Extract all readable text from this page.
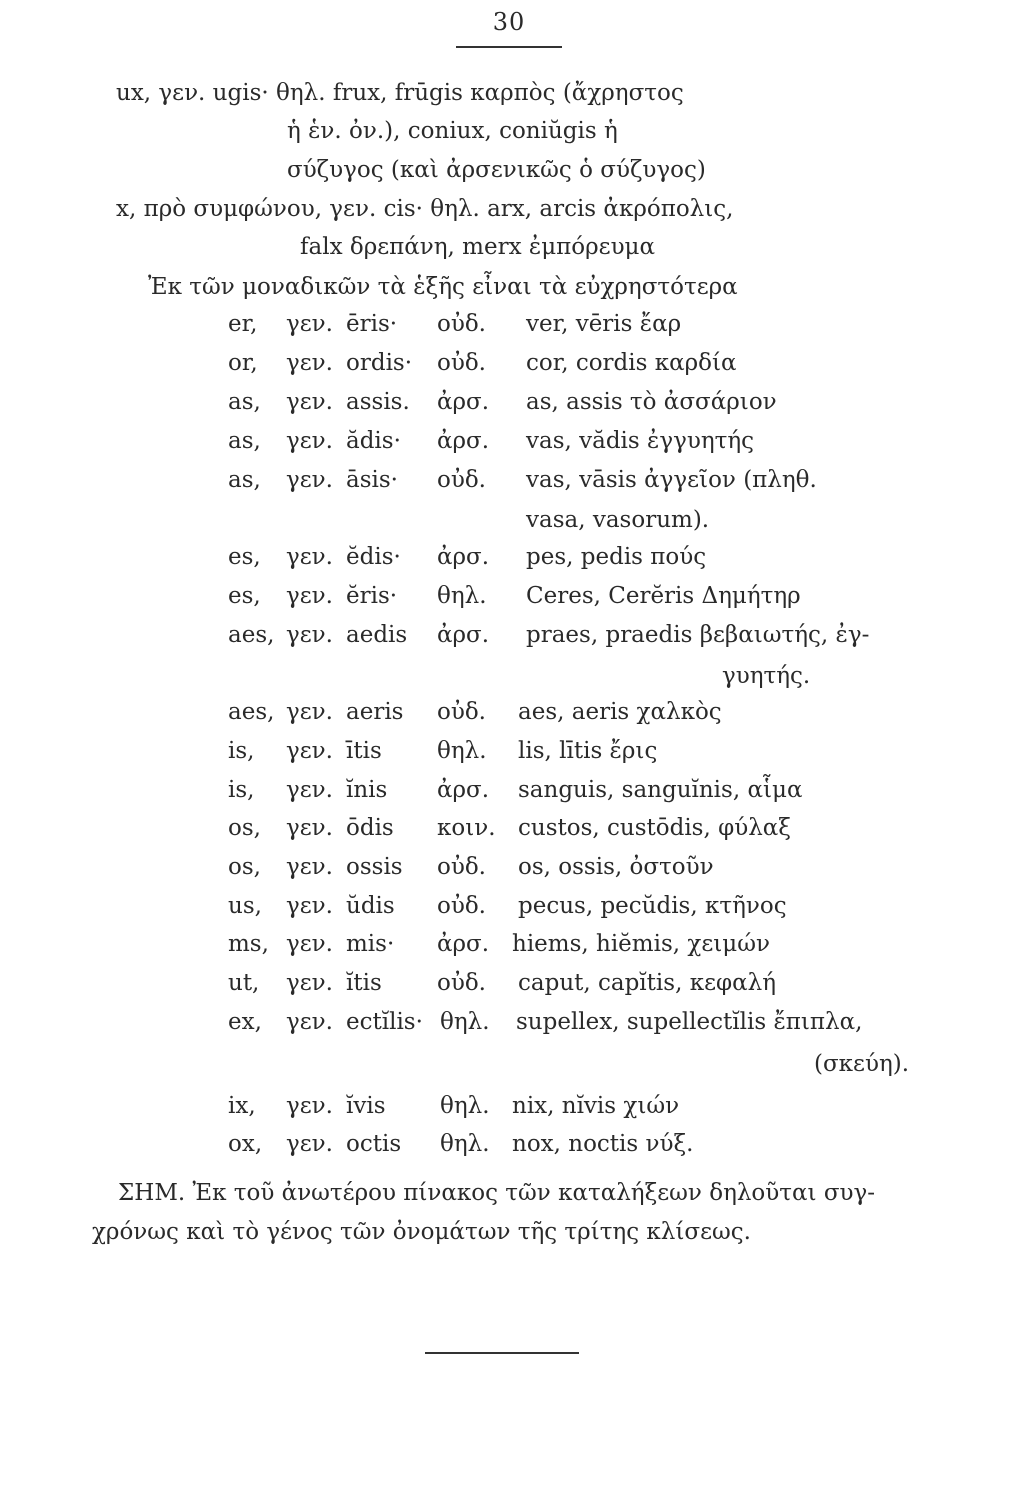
30
ux, γεν. ugis· θηλ. frux, frūgis καρπὸς (ἄχρηστος
ἡ ἑν. ὀν.), coniux, coniŭgis ἡ
σύζυγος (καὶ ἀρσενικῶς ὁ σύζυγος)
x, πρὸ συμφώνου, γεν. cis· θηλ. arx, arcis ἀκρόπολις,
falx δρεπάνη, merx ἐμπόρευμα
Ἐκ τῶν μοναδικῶν τὰ ἑξῆς εἶναι τὰ εὐχρηστότερα
er, γεν. ēris· οὐδ. ver, vēris ἔαρ
or, γεν. ordis· οὐδ. cor, cordis καρδία
as, γεν. assis. ἀρσ. as, assis τὸ ἀσσάριον
as, γεν. ădis· ἀρσ. vas, vădis ἐγγυητής
as, γεν. āsis· οὐδ. vas, vāsis ἀγγεῖον (πληθ.
vasa, vasorum).
es, γεν. ĕdis· ἀρσ. pes, pedis πούς
es, γεν. ĕris· θηλ. Ceres, Cerĕris Δημήτηρ
aes, γεν. aedis ἀρσ. praes, praedis βεβαιωτής, ἐγ-
γυητής.
aes, γεν. aeris οὐδ. aes, aeris χαλκὸς
is, γεν. ītis θηλ. lis, lītis ἔρις
is, γεν. ĭnis ἀρσ. sanguis, sanguĭnis, αἷμα
os, γεν. ōdis κοιν. custos, custōdis, φύλαξ
os, γεν. ossis οὐδ. os, ossis, ὀστοῦν
us, γεν. ŭdis οὐδ. pecus, pecŭdis, κτῆνος
ms, γεν. mis· ἀρσ. hiems, hiĕmis, χειμών
ut, γεν. ĭtis οὐδ. caput, capĭtis, κεφαλή
ex, γεν. ectĭlis· θηλ. supellex, supellectĭlis ἔπιπλα,
(σκεύη).
ix, γεν. ĭvis θηλ. nix, nĭvis χιών
ox, γεν. octis θηλ. nox, noctis νύξ.
ΣΗΜ. Ἐκ τοῦ ἀνωτέρου πίνακος τῶν καταλήξεων δηλοῦται συγ-
χρόνως καὶ τὸ γένος τῶν ὀνομάτων τῆς τρίτης κλίσεως.
